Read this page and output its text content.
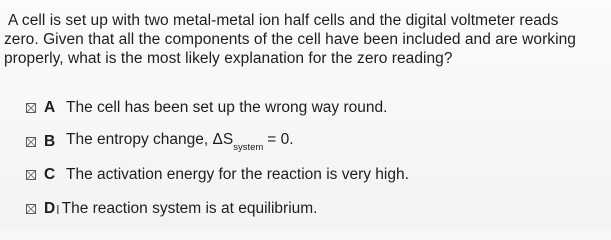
A cell is set up with two metal-metal ion half cells and the digital voltmeter reads
zero. Given that all the components of the cell have been included and are working
properly, what is the most likely explanation for the zero reading?
A The cell has been set up the wrong way round.
B The entropy change, $\Delta S_{system} = 0$.
C The activation energy for the reaction is very high.
D I The reaction system is at equilibrium.
